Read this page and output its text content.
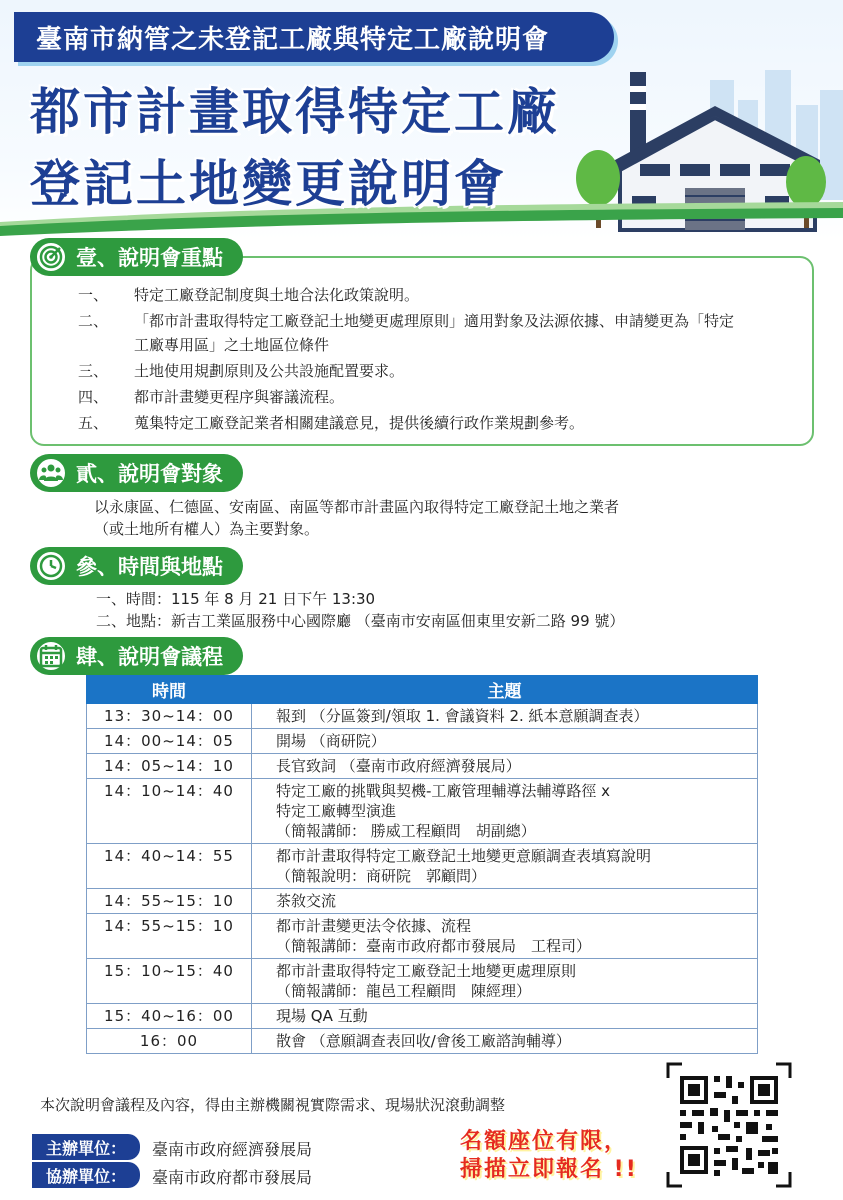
臺南市納管之未登記工廠與特定工廠說明會
都市計畫取得特定工廠
登記土地變更說明會
壹、說明會重點
一、	特定工廠登記制度與土地合法化政策說明。
二、	「都市計畫取得特定工廠登記土地變更處理原則」適用對象及法源依據、申請變更為「特定
工廠專用區」之土地區位條件
三、	土地使用規劃原則及公共設施配置要求。
四、	都市計畫變更程序與審議流程。
五、	蒐集特定工廠登記業者相關建議意見，提供後續行政作業規劃參考。
貳、說明會對象
以永康區、仁德區、安南區、南區等都市計畫區內取得特定工廠登記土地之業者
（或土地所有權人）為主要對象。
參、時間與地點
一、時間：115 年 8 月 21 日下午 13:30
二、地點：新吉工業區服務中心國際廳 （臺南市安南區佃東里安新二路 99 號）
肆、說明會議程
時間	主題
13：30~14：00	報到 （分區簽到/領取 1. 會議資料 2. 紙本意願調查表）

14：00~14：05	開場 （商研院）

14：05~14：10	長官致詞 （臺南市政府經濟發展局）

14：10~14：40	特定工廠的挑戰與契機-工廠管理輔導法輔導路徑 x
特定工廠轉型演進
（簡報講師： 勝威工程顧問　胡副總）

14：40~14：55	都市計畫取得特定工廠登記土地變更意願調查表填寫說明
（簡報說明：商研院　郭顧問）

14：55~15：10	茶敘交流

14：55~15：10	都市計畫變更法令依據、流程
（簡報講師：臺南市政府都市發展局　工程司）

15：10~15：40	都市計畫取得特定工廠登記土地變更處理原則
（簡報講師：龍邑工程顧問　陳經理）

15：40~16：00	現場 QA 互動

16：00	散會 （意願調查表回收/會後工廠諮詢輔導）
本次說明會議程及內容，得由主辦機關視實際需求、現場狀況滾動調整
主辦單位：	臺南市政府經濟發展局
協辦單位：	臺南市政府都市發展局
名額座位有限，
掃描立即報名 !!
